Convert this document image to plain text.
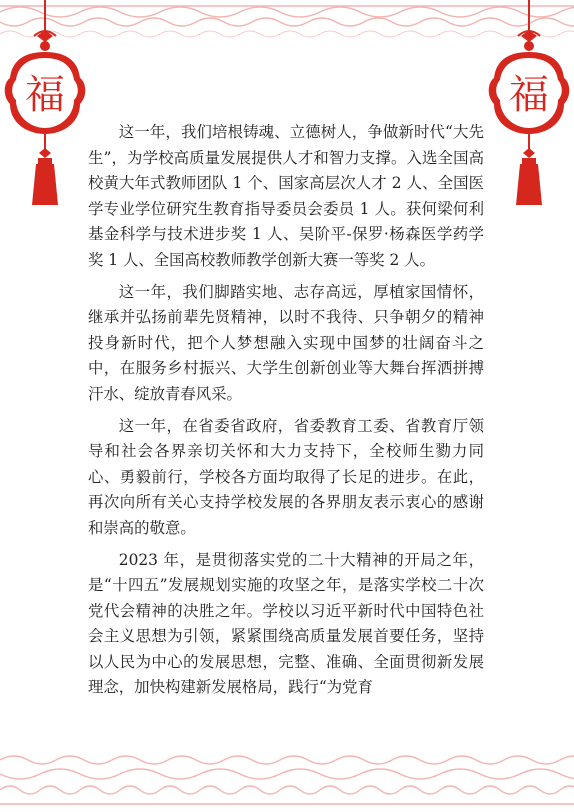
福	福

这一年，我们培根铸魂、立德树人，争做新时代“大先生”，为学校高质量发展提供人才和智力支撑。入选全国高校黄大年式教师团队 1 个、国家高层次人才 2 人、全国医学专业学位研究生教育指导委员会委员 1 人。获何梁何利基金科学与技术进步奖 1 人、吴阶平-保罗·杨森医学药学奖 1 人、全国高校教师教学创新大赛一等奖 2 人。

这一年，我们脚踏实地、志存高远，厚植家国情怀，继承并弘扬前辈先贤精神，以时不我待、只争朝夕的精神投身新时代，把个人梦想融入实现中国梦的壮阔奋斗之中，在服务乡村振兴、大学生创新创业等大舞台挥洒拼搏汗水、绽放青春风采。

这一年，在省委省政府，省委教育工委、省教育厅领导和社会各界亲切关怀和大力支持下，全校师生勠力同心、勇毅前行，学校各方面均取得了长足的进步。在此，再次向所有关心支持学校发展的各界朋友表示衷心的感谢和崇高的敬意。

2023 年，是贯彻落实党的二十大精神的开局之年，是“十四五”发展规划实施的攻坚之年，是落实学校二十次党代会精神的决胜之年。学校以习近平新时代中国特色社会主义思想为引领，紧紧围绕高质量发展首要任务，坚持以人民为中心的发展思想，完整、准确、全面贯彻新发展理念，加快构建新发展格局，践行“为党育
